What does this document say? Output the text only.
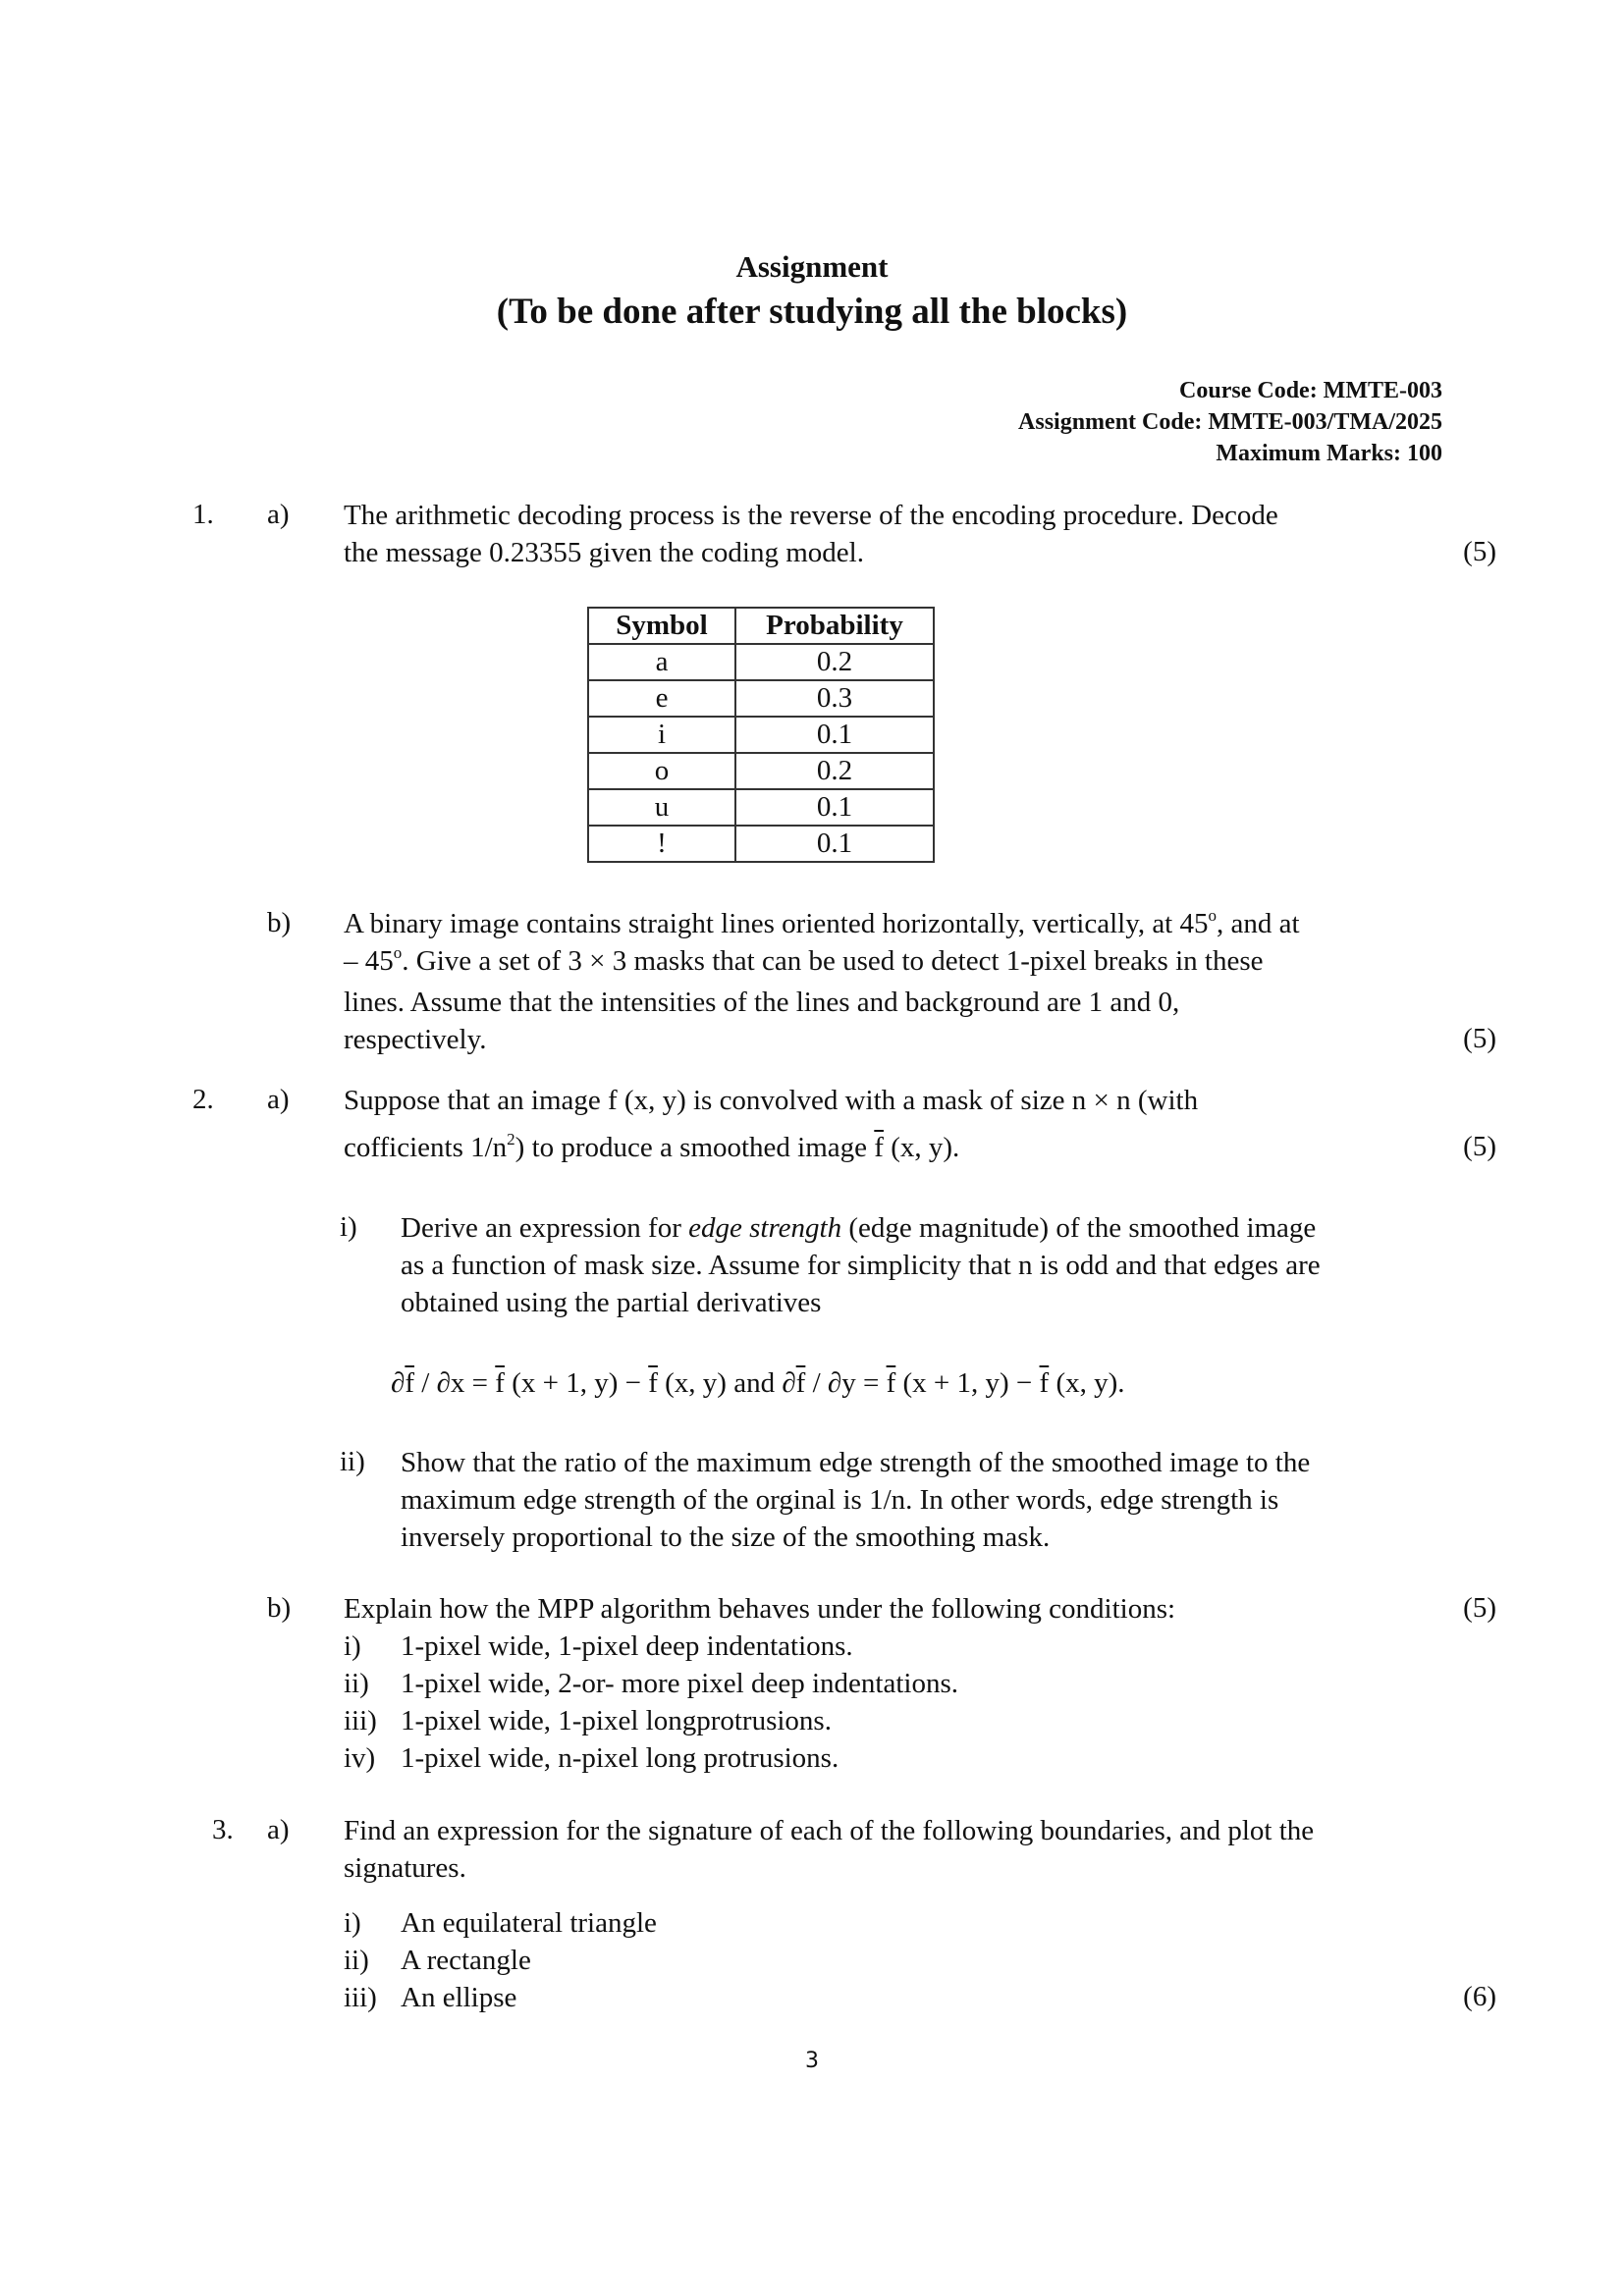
Assignment
(To be done after studying all the blocks)
Course Code: MMTE-003
Assignment Code: MMTE-003/TMA/2025
Maximum Marks: 100
1. a) The arithmetic decoding process is the reverse of the encoding procedure. Decode
the message 0.23355 given the coding model.	(5)
Symbol	Probability
a	0.2
e	0.3
i	0.1
o	0.2
u	0.1
!	0.1
b) A binary image contains straight lines oriented horizontally, vertically, at 45$^o$, and at
– 45$^o$. Give a set of 3 × 3 masks that can be used to detect 1-pixel breaks in these
lines. Assume that the intensities of the lines and background are 1 and 0,
respectively.	(5)
2. a) Suppose that an image f (x, y) is convolved with a mask of size n × n (with
cofficients $1/n^2$) to produce a smoothed image $\overline{f}$ (x, y).	(5)
i) Derive an expression for edge strength (edge magnitude) of the smoothed image
as a function of mask size. Assume for simplicity that n is odd and that edges are
obtained using the partial derivatives
$\partial\overline{f} / \partial x = \overline{f}$ (x + 1, $y) - \overline{f}$ (x, y) and $\partial\overline{f} / \partial y = \overline{f}$ (x + 1, $y) - \overline{f}$ (x, y).
ii) Show that the ratio of the maximum edge strength of the smoothed image to the
maximum edge strength of the orginal is 1/n. In other words, edge strength is
inversely proportional to the size of the smoothing mask.
b) Explain how the MPP algorithm behaves under the following conditions:	(5)
i) 1-pixel wide, 1-pixel deep indentations.
ii) 1-pixel wide, 2-or- more pixel deep indentations.
iii) 1-pixel wide, 1-pixel longprotrusions.
iv) 1-pixel wide, n-pixel long protrusions.
3. a) Find an expression for the signature of each of the following boundaries, and plot the
signatures.
i) An equilateral triangle
ii) A rectangle
iii) An ellipse	(6)
3
